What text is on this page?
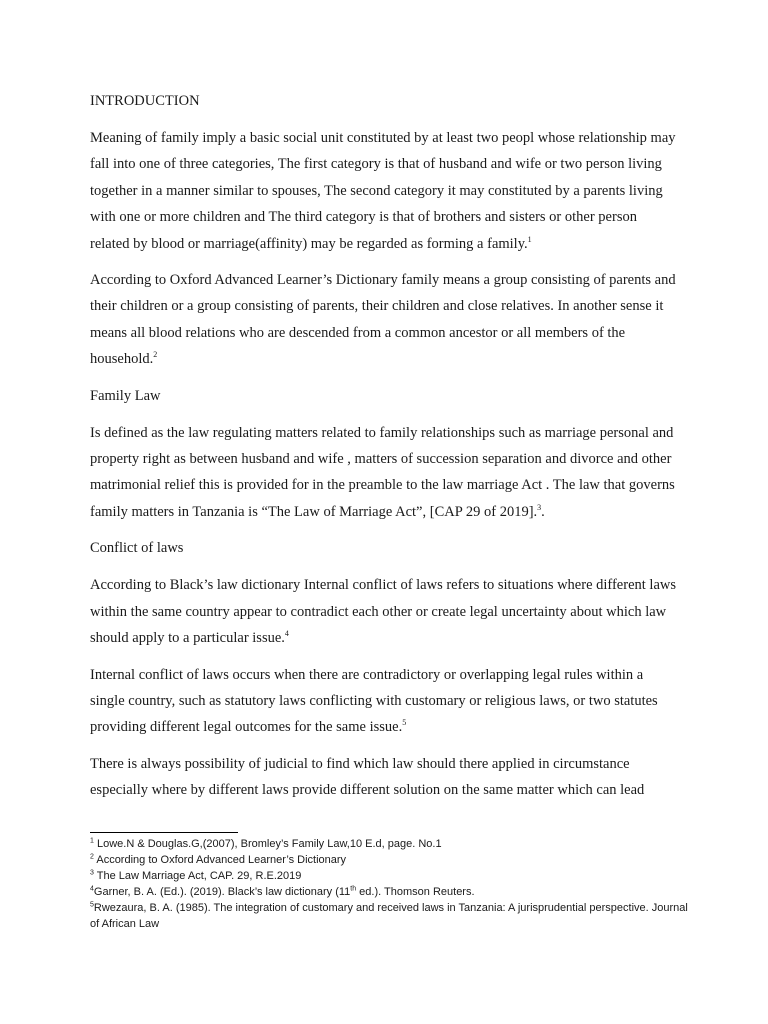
INTRODUCTION

Meaning of family imply a basic social unit constituted by at least two peopl whose relationship may fall into one of three categories, The first category is that of husband and wife or two person living together in a manner similar to spouses, The second category it may constituted by a parents living with one or more children and The third category is that of brothers and sisters or other person related by blood or marriage(affinity) may be regarded as forming a family.$^1$

According to Oxford Advanced Learner’s Dictionary family means a group consisting of parents and their children or a group consisting of parents, their children and close relatives. In another sense it means all blood relations who are descended from a common ancestor or all members of the household.$^2$

Family Law

Is defined as the law regulating matters related to family relationships such as marriage personal and property right as between husband and wife , matters of succession separation and divorce and other matrimonial relief this is provided for in the preamble to the law marriage Act . The law that governs family matters in Tanzania is “The Law of Marriage Act”, [CAP 29 of 2019].$^3$.

Conflict of laws

According to Black’s law dictionary Internal conflict of laws refers to situations where different laws within the same country appear to contradict each other or create legal uncertainty about which law should apply to a particular issue.$^4$

Internal conflict of laws occurs when there are contradictory or overlapping legal rules within a single country, such as statutory laws conflicting with customary or religious laws, or two statutes providing different legal outcomes for the same issue.$^5$

There is always possibility of judicial to find which law should there applied in circumstance especially where by different laws provide different solution on the same matter which can lead

$^1$ Lowe.N & Douglas.G,(2007), Bromley’s Family Law,10 E.d, page. No.1

$^2$ According to Oxford Advanced Learner’s Dictionary

$^3$ The Law Marriage Act, CAP. 29, R.E.2019

$^4$Garner, B. A. (Ed.). (2019). Black’s law dictionary (11th ed.). Thomson Reuters.

$^5$Rwezaura, B. A. (1985). The integration of customary and received laws in Tanzania: A jurisprudential perspective. Journal of African Law
